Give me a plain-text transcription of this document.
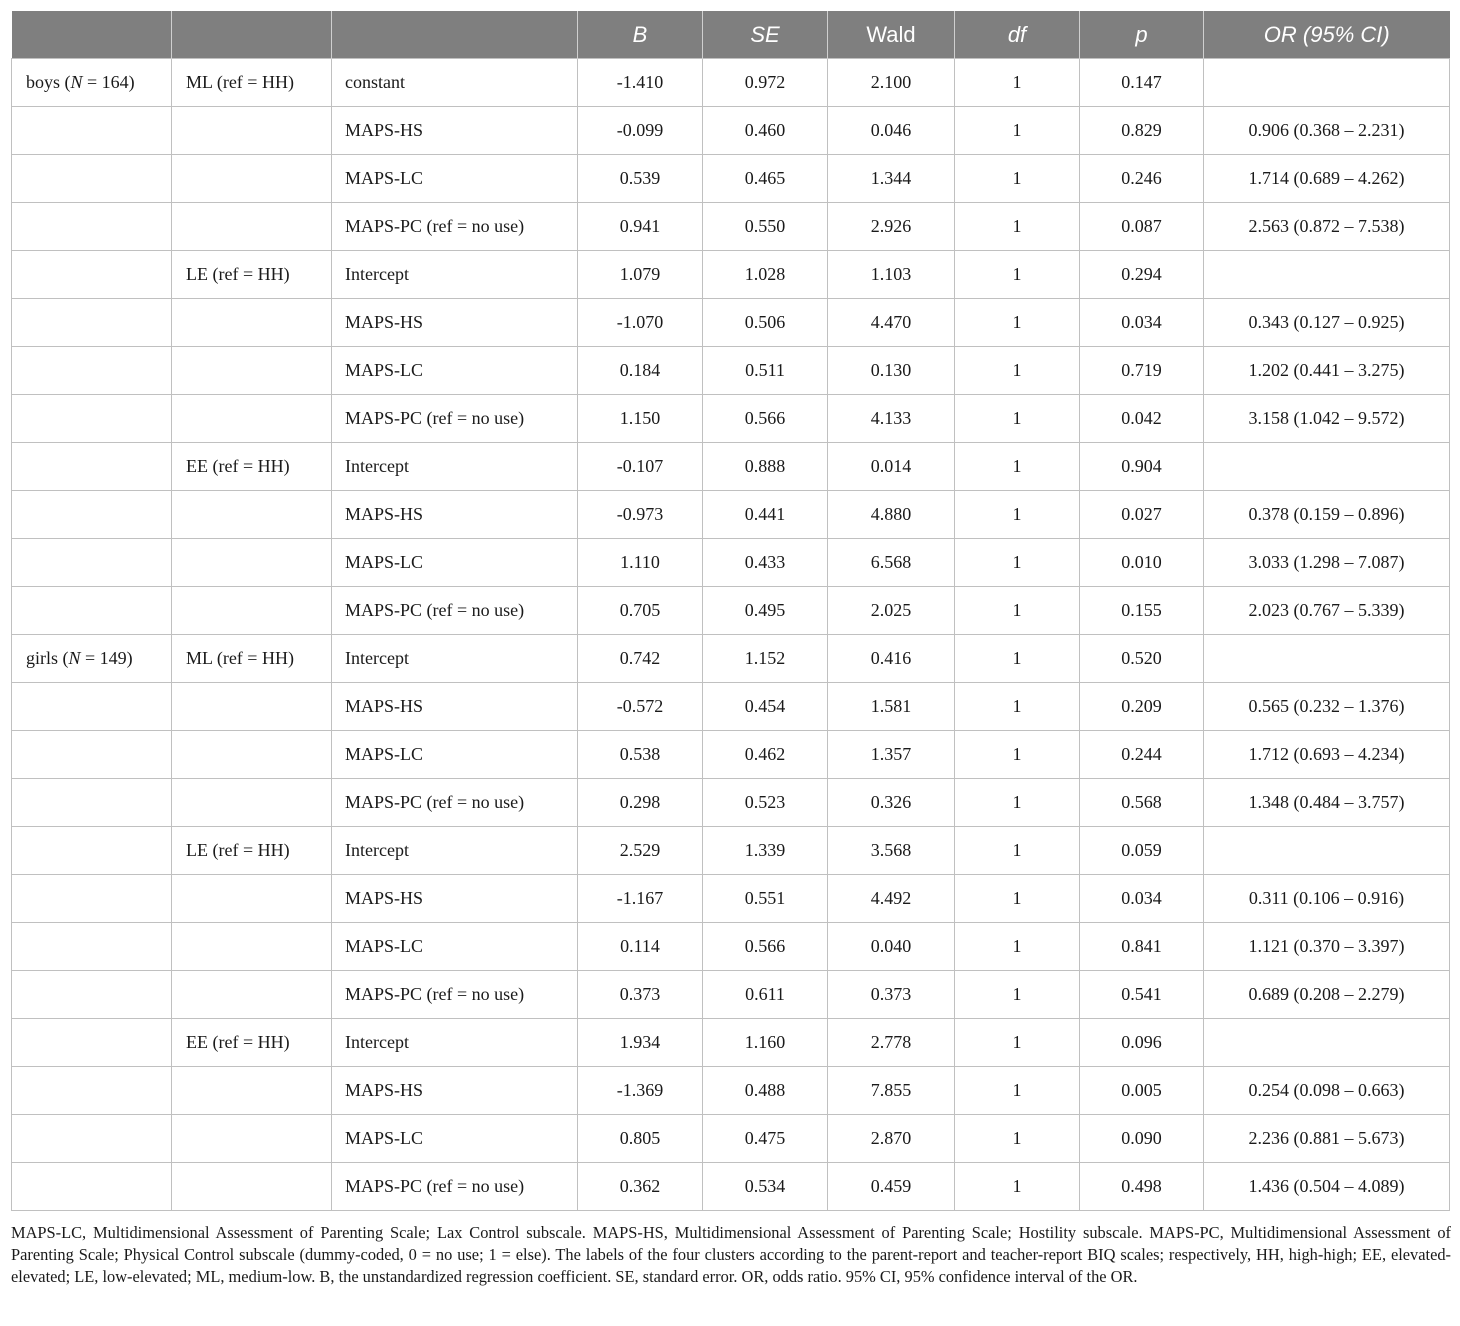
			B	SE	Wald	df	p	OR (95% CI)
boys (N = 164)	ML (ref = HH)	constant	-1.410	0.972	2.100	1	0.147	
		MAPS-HS	-0.099	0.460	0.046	1	0.829	0.906 (0.368 – 2.231)
		MAPS-LC	0.539	0.465	1.344	1	0.246	1.714 (0.689 – 4.262)
		MAPS-PC (ref = no use)	0.941	0.550	2.926	1	0.087	2.563 (0.872 – 7.538)
	LE (ref = HH)	Intercept	1.079	1.028	1.103	1	0.294	
		MAPS-HS	-1.070	0.506	4.470	1	0.034	0.343 (0.127 – 0.925)
		MAPS-LC	0.184	0.511	0.130	1	0.719	1.202 (0.441 – 3.275)
		MAPS-PC (ref = no use)	1.150	0.566	4.133	1	0.042	3.158 (1.042 – 9.572)
	EE (ref = HH)	Intercept	-0.107	0.888	0.014	1	0.904	
		MAPS-HS	-0.973	0.441	4.880	1	0.027	0.378 (0.159 – 0.896)
		MAPS-LC	1.110	0.433	6.568	1	0.010	3.033 (1.298 – 7.087)
		MAPS-PC (ref = no use)	0.705	0.495	2.025	1	0.155	2.023 (0.767 – 5.339)
girls (N = 149)	ML (ref = HH)	Intercept	0.742	1.152	0.416	1	0.520	
		MAPS-HS	-0.572	0.454	1.581	1	0.209	0.565 (0.232 – 1.376)
		MAPS-LC	0.538	0.462	1.357	1	0.244	1.712 (0.693 – 4.234)
		MAPS-PC (ref = no use)	0.298	0.523	0.326	1	0.568	1.348 (0.484 – 3.757)
	LE (ref = HH)	Intercept	2.529	1.339	3.568	1	0.059	
		MAPS-HS	-1.167	0.551	4.492	1	0.034	0.311 (0.106 – 0.916)
		MAPS-LC	0.114	0.566	0.040	1	0.841	1.121 (0.370 – 3.397)
		MAPS-PC (ref = no use)	0.373	0.611	0.373	1	0.541	0.689 (0.208 – 2.279)
	EE (ref = HH)	Intercept	1.934	1.160	2.778	1	0.096	
		MAPS-HS	-1.369	0.488	7.855	1	0.005	0.254 (0.098 – 0.663)
		MAPS-LC	0.805	0.475	2.870	1	0.090	2.236 (0.881 – 5.673)
		MAPS-PC (ref = no use)	0.362	0.534	0.459	1	0.498	1.436 (0.504 – 4.089)
MAPS-LC, Multidimensional Assessment of Parenting Scale; Lax Control subscale. MAPS-HS, Multidimensional Assessment of Parenting Scale; Hostility subscale. MAPS-PC, Multidimensional Assessment of Parenting Scale; Physical Control subscale (dummy-coded, 0 = no use; 1 = else). The labels of the four clusters according to the parent-report and teacher-report BIQ scales; respectively, HH, high-high; EE, elevated-elevated; LE, low-elevated; ML, medium-low. B, the unstandardized regression coefficient. SE, standard error. OR, odds ratio. 95% CI, 95% confidence interval of the OR.
